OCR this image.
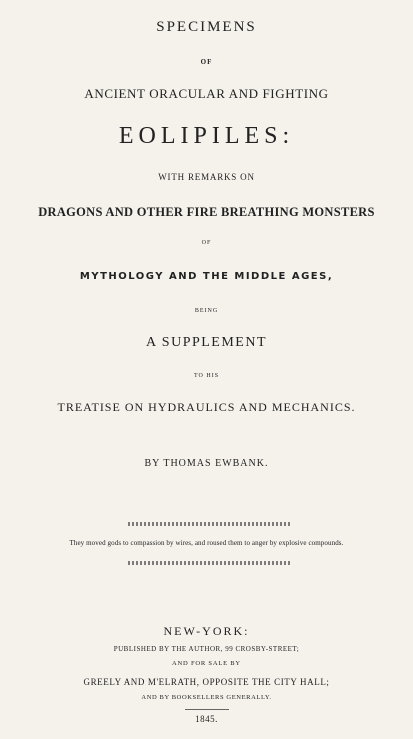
SPECIMENS
OF
ANCIENT ORACULAR AND FIGHTING
EOLIPILES:
WITH REMARKS ON
DRAGONS AND OTHER FIRE BREATHING MONSTERS
OF
MYTHOLOGY AND THE MIDDLE AGES,
BEING
A SUPPLEMENT
TO HIS
TREATISE ON HYDRAULICS AND MECHANICS.
BY THOMAS EWBANK.
They moved gods to compassion by wires, and roused them to anger by explosive compounds.
NEW-YORK:
PUBLISHED BY THE AUTHOR, 99 CROSBY-STREET;
AND FOR SALE BY
GREELY AND M'ELRATH, OPPOSITE THE CITY HALL;
AND BY BOOKSELLERS GENERALLY.
1845.
